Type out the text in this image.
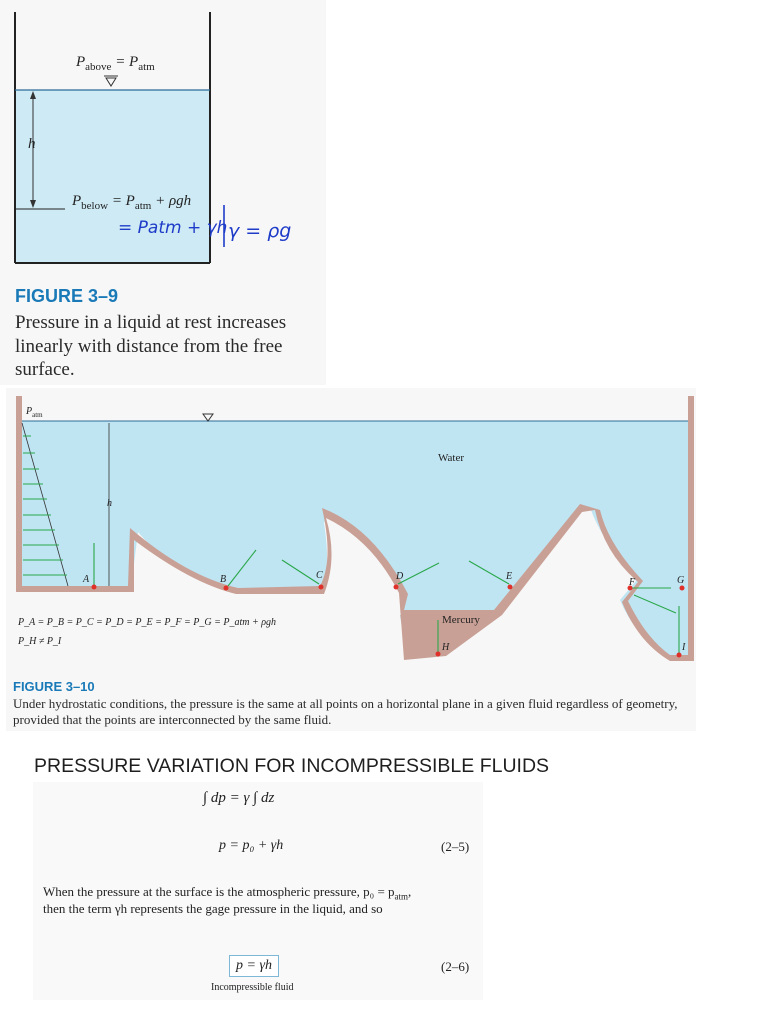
$P_{above} = P_{atm}$
h
$P_{below} = P_{atm} + \rho gh$
= Patm + γh γ = ρg
FIGURE 3–9
Pressure in a liquid at rest increases linearly with distance from the free surface.
$P_{atm}$
h
Water
Mercury
A	B	C	D	E
F	G
H	I
P_A = P_B = P_C = P_D = P_E = P_F = P_G = P_atm + ρgh
P_H ≠ P_I
FIGURE 3–10
Under hydrostatic conditions, the pressure is the same at all points on a horizontal plane in a given fluid regardless of geometry, provided that the points are interconnected by the same fluid.
PRESSURE VARIATION FOR INCOMPRESSIBLE FLUIDS
∫ dp = γ ∫ dz
p = p₀ + γh	(2–5)
When the pressure at the surface is the atmospheric pressure, $p_0 = p_{atm}$,
then the term γh represents the gage pressure in the liquid, and so
p = γh	(2–6)
Incompressible fluid
